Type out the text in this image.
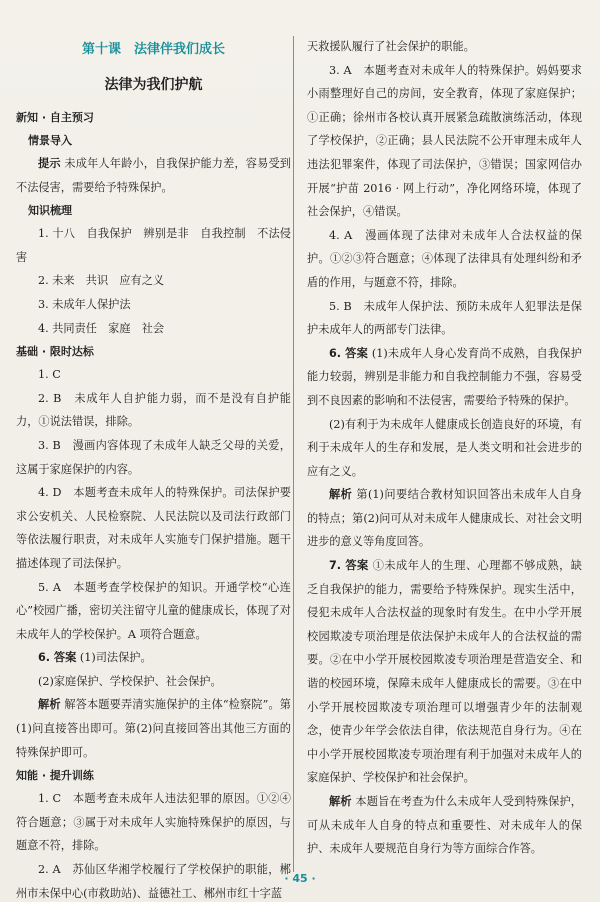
第十课　法律伴我们成长
法律为我们护航
新知 · 自主预习
情景导入
提示 未成年人年龄小，自我保护能力差，容易受到不法侵害，需要给予特殊保护。
知识梳理
1. 十八　自我保护　辨别是非　自我控制　不法侵害
2. 未来　共识　应有之义
3. 未成年人保护法
4. 共同责任　家庭　社会
基础 · 限时达标
1. C
2. B　未成年人自护能力弱，而不是没有自护能力，①说法错误，排除。
3. B　漫画内容体现了未成年人缺乏父母的关爱，这属于家庭保护的内容。
4. D　本题考查未成年人的特殊保护。司法保护要求公安机关、人民检察院、人民法院以及司法行政部门等依法履行职责，对未成年人实施专门保护措施。题干描述体现了司法保护。
5. A　本题考查学校保护的知识。开通学校“心连心”校园广播，密切关注留守儿童的健康成长，体现了对未成年人的学校保护。A 项符合题意。
6. 答案 (1)司法保护。
(2)家庭保护、学校保护、社会保护。
解析 解答本题要弄清实施保护的主体“检察院”。第(1)问直接答出即可。第(2)问直接回答出其他三方面的特殊保护即可。
知能 · 提升训练
1. C　本题考查未成年人违法犯罪的原因。①②④符合题意；③属于对未成年人实施特殊保护的原因，与题意不符，排除。
2. A　苏仙区华湘学校履行了学校保护的职能，郴州市未保中心(市救助站)、益德社工、郴州市红十字蓝
天救援队履行了社会保护的职能。
3. A　本题考查对未成年人的特殊保护。妈妈要求小雨整理好自己的房间，安全教育，体现了家庭保护；①正确；徐州市各校认真开展紧急疏散演练活动，体现了学校保护，②正确；县人民法院不公开审理未成年人违法犯罪案件，体现了司法保护，③错误；国家网信办开展“护苗 2016 · 网上行动”，净化网络环境，体现了社会保护，④错误。
4. A　漫画体现了法律对未成年人合法权益的保护。①②③符合题意；④体现了法律具有处理纠纷和矛盾的作用，与题意不符，排除。
5. B　未成年人保护法、预防未成年人犯罪法是保护未成年人的两部专门法律。
6. 答案 (1)未成年人身心发育尚不成熟，自我保护能力较弱，辨别是非能力和自我控制能力不强，容易受到不良因素的影响和不法侵害，需要给予特殊的保护。
(2)有利于为未成年人健康成长创造良好的环境，有利于未成年人的生存和发展，是人类文明和社会进步的应有之义。
解析 第(1)问要结合教材知识回答出未成年人自身的特点；第(2)问可从对未成年人健康成长、对社会文明进步的意义等角度回答。
7. 答案 ①未成年人的生理、心理都不够成熟，缺乏自我保护的能力，需要给予特殊保护。现实生活中，侵犯未成年人合法权益的现象时有发生。在中小学开展校园欺凌专项治理是依法保护未成年人的合法权益的需要。②在中小学开展校园欺凌专项治理是营造安全、和谐的校园环境，保障未成年人健康成长的需要。③在中小学开展校园欺凌专项治理可以增强青少年的法制观念，使青少年学会依法自律，依法规范自身行为。④在中小学开展校园欺凌专项治理有利于加强对未成年人的家庭保护、学校保护和社会保护。
解析 本题旨在考查为什么未成年人受到特殊保护，可从未成年人自身的特点和重要性、对未成年人的保护、未成年人要规范自身行为等方面综合作答。
· 45 ·
